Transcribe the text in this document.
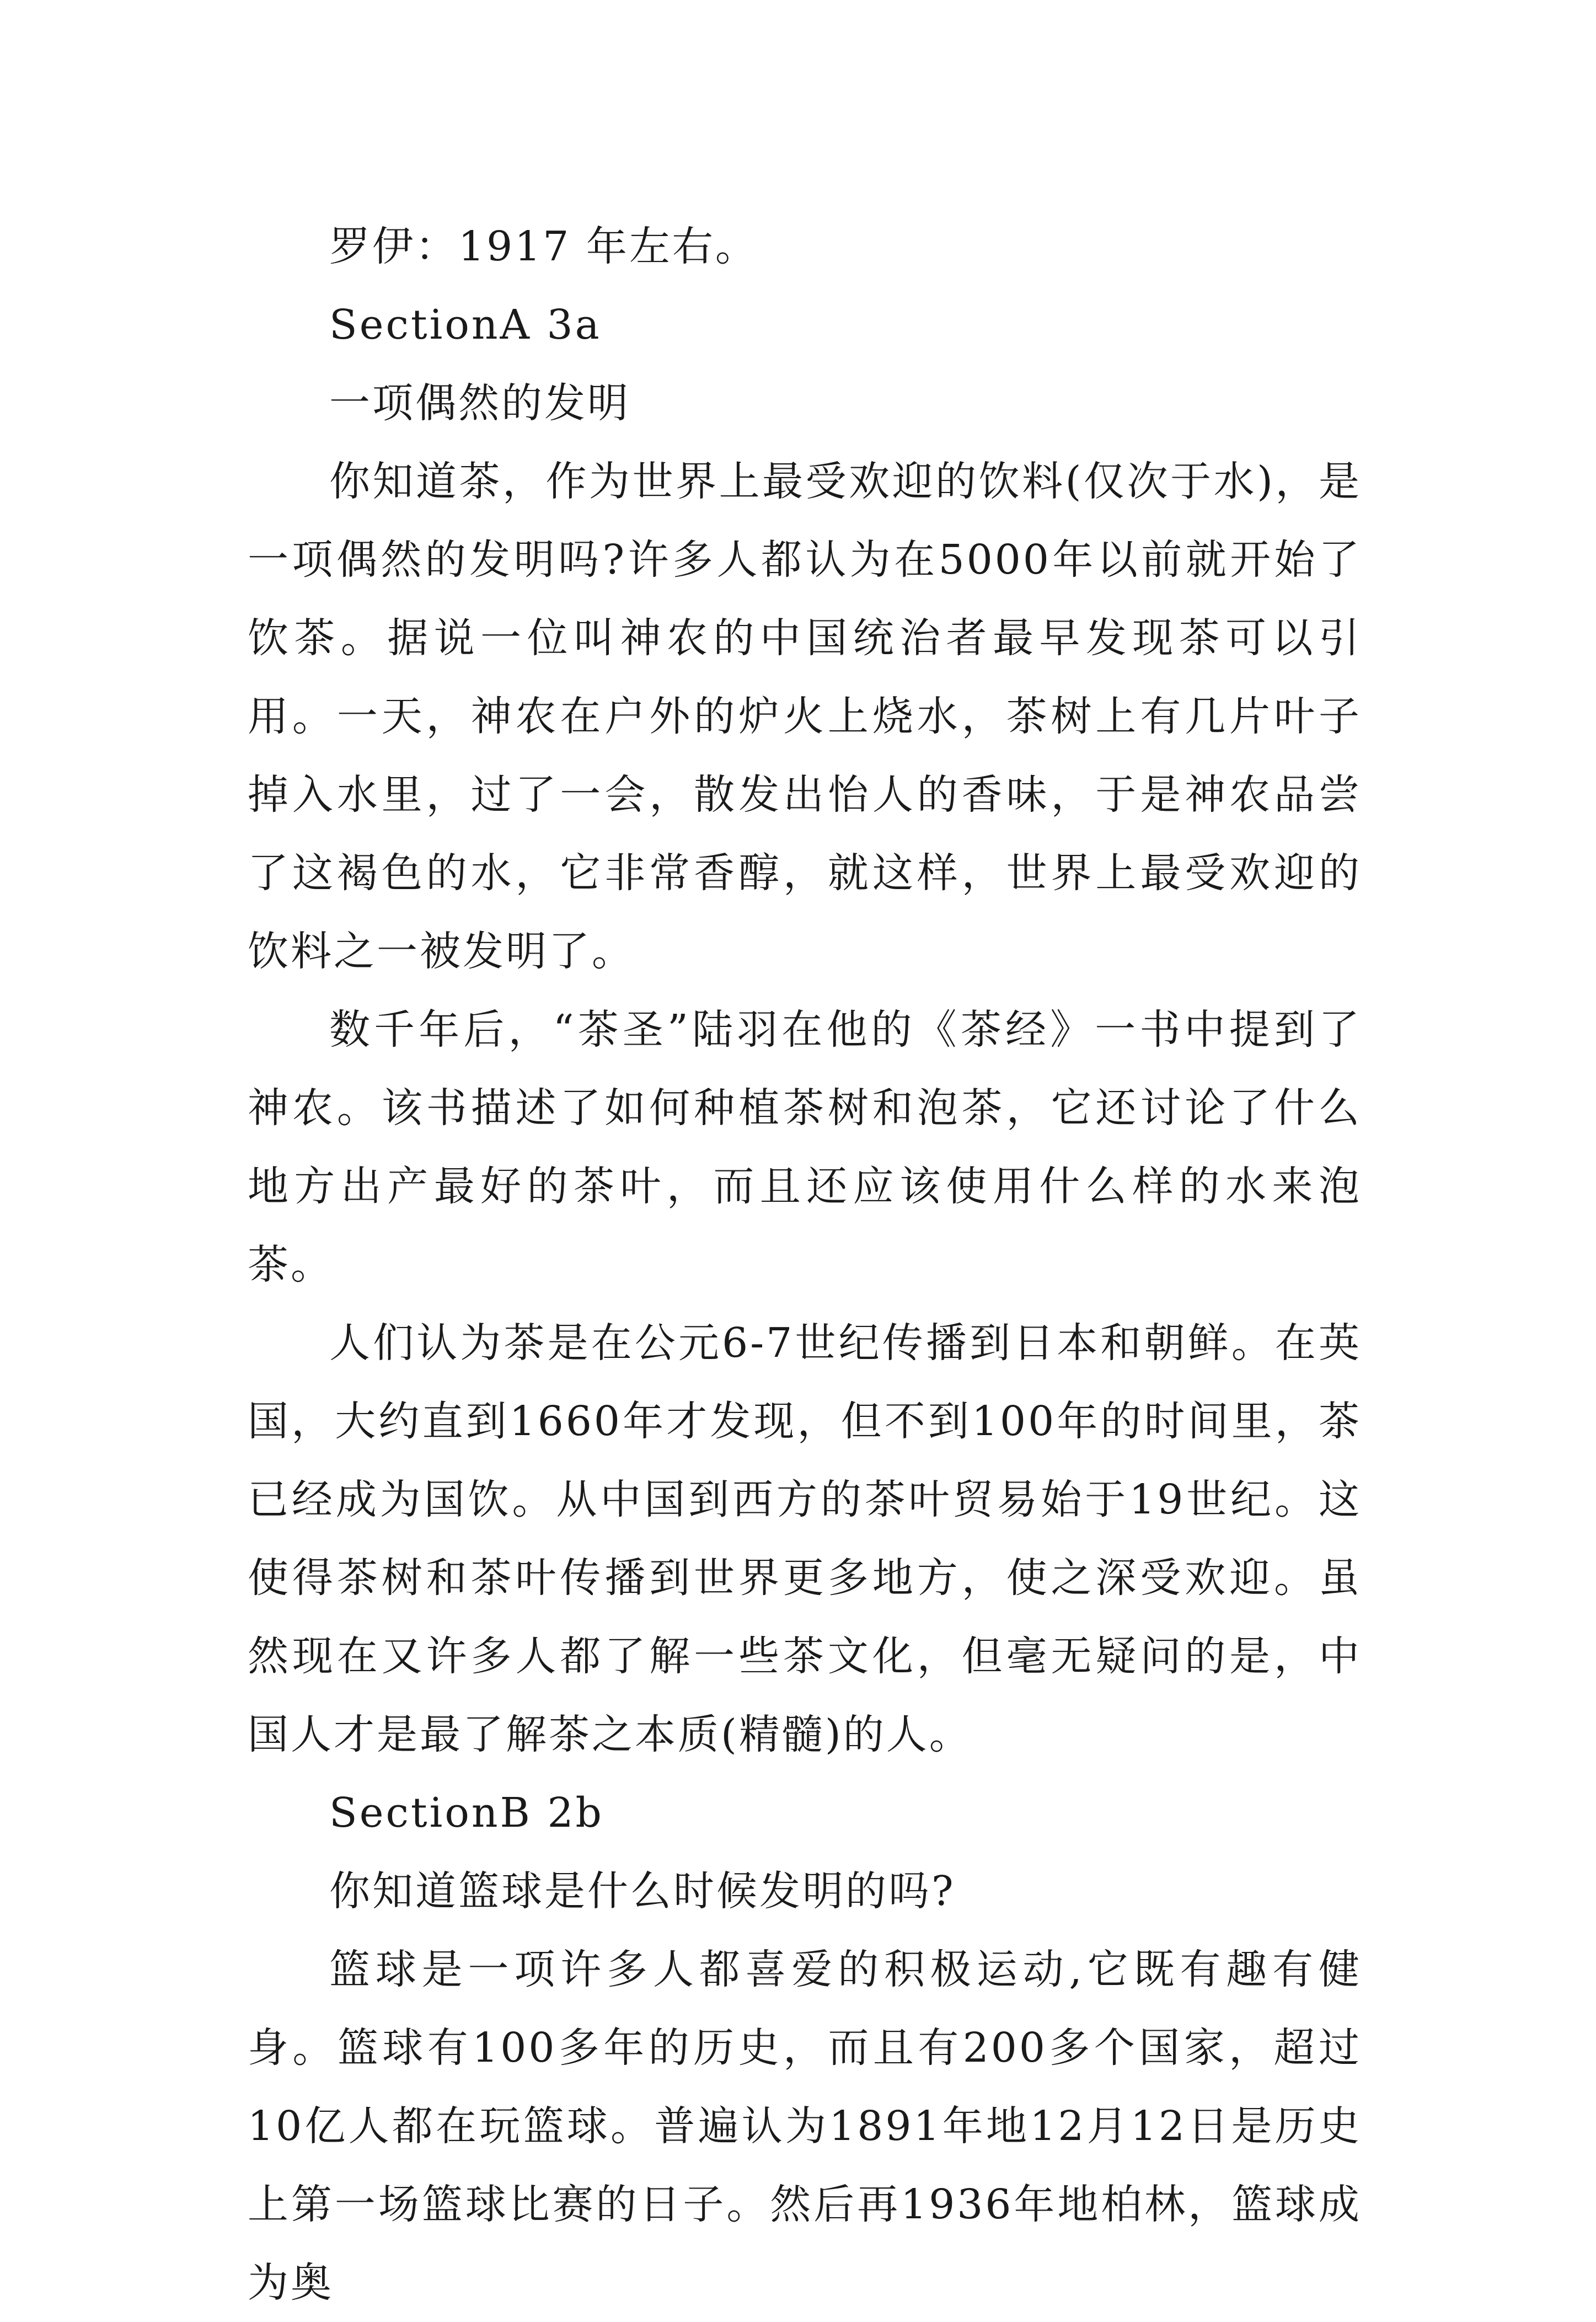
罗伊：1917 年左右。

SectionA 3a

一项偶然的发明

你知道茶，作为世界上最受欢迎的饮料(仅次于水)，是一项偶然的发明吗?许多人都认为在5000年以前就开始了饮茶。据说一位叫神农的中国统治者最早发现茶可以引用。一天，神农在户外的炉火上烧水，茶树上有几片叶子掉入水里，过了一会，散发出怡人的香味，于是神农品尝了这褐色的水，它非常香醇，就这样，世界上最受欢迎的饮料之一被发明了。

数千年后，“茶圣”陆羽在他的《茶经》一书中提到了神农。该书描述了如何种植茶树和泡茶，它还讨论了什么地方出产最好的茶叶，而且还应该使用什么样的水来泡茶。

人们认为茶是在公元6-7世纪传播到日本和朝鲜。在英国，大约直到1660年才发现，但不到100年的时间里，茶已经成为国饮。从中国到西方的茶叶贸易始于19世纪。这使得茶树和茶叶传播到世界更多地方，使之深受欢迎。虽然现在又许多人都了解一些茶文化，但毫无疑问的是，中国人才是最了解茶之本质(精髓)的人。

SectionB 2b

你知道篮球是什么时候发明的吗?

篮球是一项许多人都喜爱的积极运动,它既有趣有健身。篮球有100多年的历史，而且有200多个国家，超过10亿人都在玩篮球。普遍认为1891年地12月12日是历史上第一场篮球比赛的日子。然后再1936年地柏林，篮球成为奥
